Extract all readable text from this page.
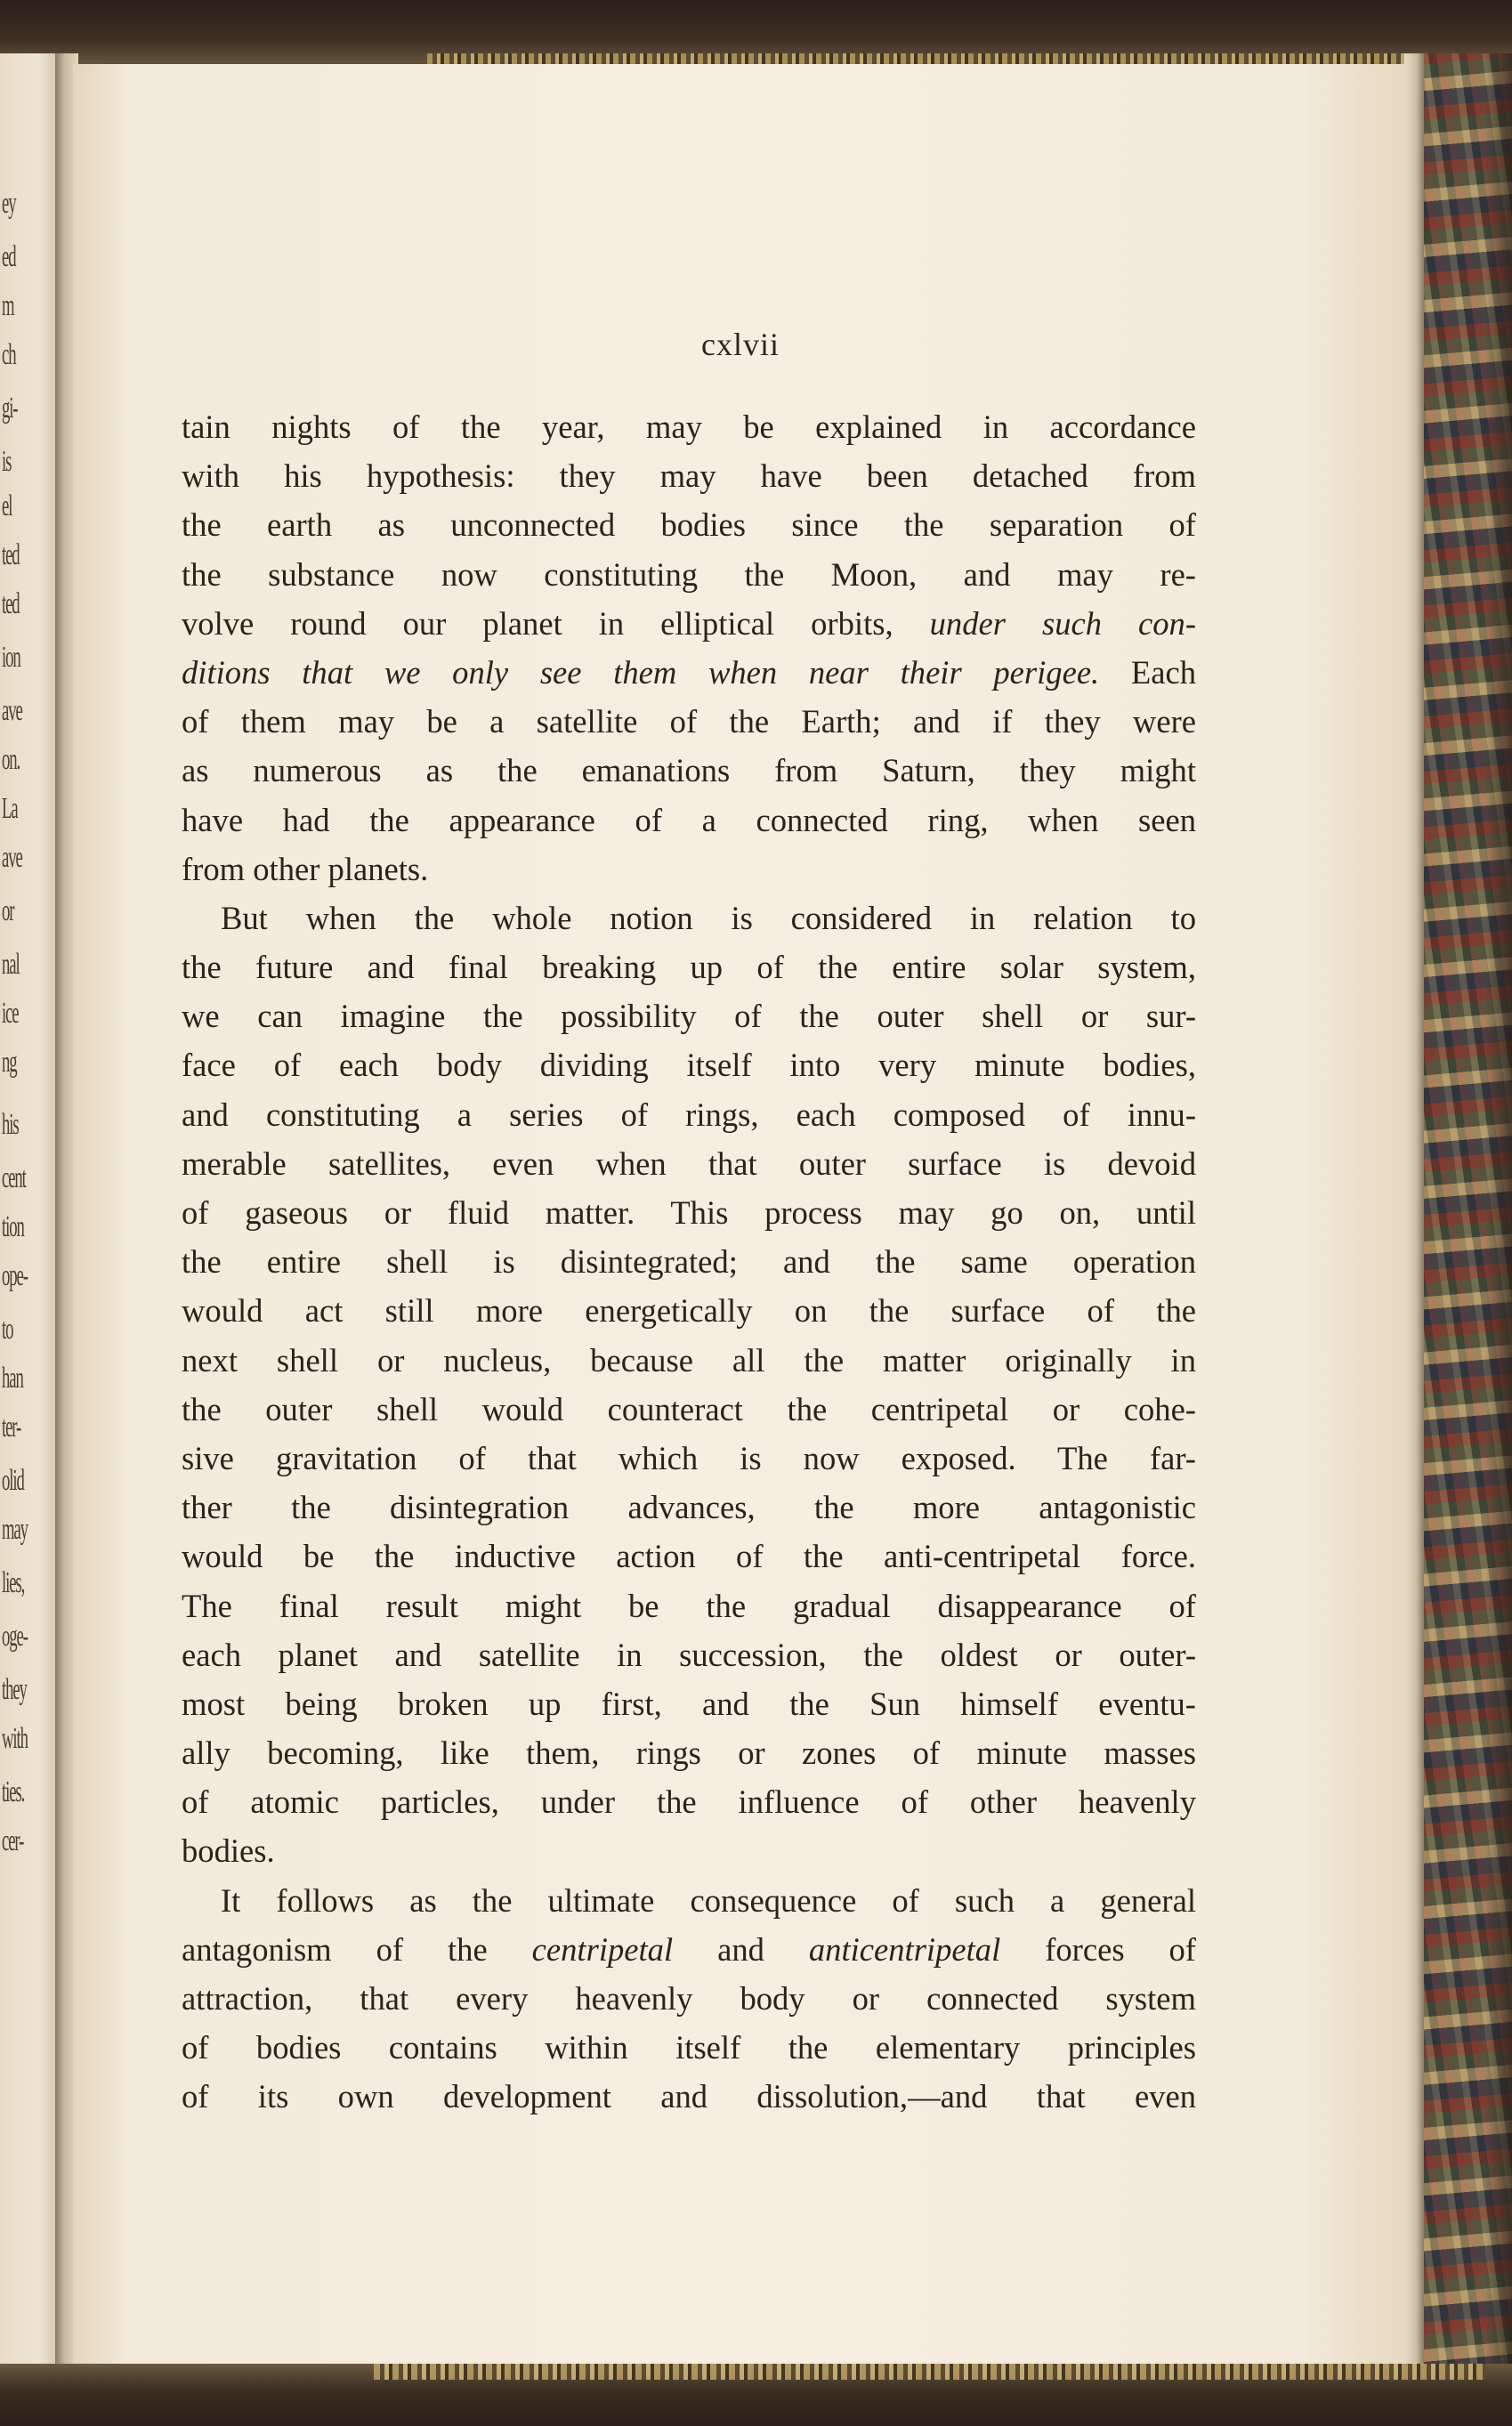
ey
ed
m
ch
gi-
is
el
ted
ted
ion
ave
on.
La
ave
or
nal
ice
ng
his
cent
tion
ope-
to
han
ter-
olid
may
lies,
oge-
they
with
ties.
cer-
cxlvii
tain nights of the year, may be explained in accordance
with his hypothesis: they may have been detached from
the earth as unconnected bodies since the separation of
the substance now constituting the Moon, and may re-
volve round our planet in elliptical orbits, under such con-
ditions that we only see them when near their perigee. Each
of them may be a satellite of the Earth; and if they were
as numerous as the emanations from Saturn, they might
have had the appearance of a connected ring, when seen
from other planets.
But when the whole notion is considered in relation to
the future and final breaking up of the entire solar system,
we can imagine the possibility of the outer shell or sur-
face of each body dividing itself into very minute bodies,
and constituting a series of rings, each composed of innu-
merable satellites, even when that outer surface is devoid
of gaseous or fluid matter. This process may go on, until
the entire shell is disintegrated; and the same operation
would act still more energetically on the surface of the
next shell or nucleus, because all the matter originally in
the outer shell would counteract the centripetal or cohe-
sive gravitation of that which is now exposed. The far-
ther the disintegration advances, the more antagonistic
would be the inductive action of the anti-centripetal force.
The final result might be the gradual disappearance of
each planet and satellite in succession, the oldest or outer-
most being broken up first, and the Sun himself eventu-
ally becoming, like them, rings or zones of minute masses
of atomic particles, under the influence of other heavenly
bodies.
It follows as the ultimate consequence of such a general
antagonism of the centripetal and anticentripetal forces of
attraction, that every heavenly body or connected system
of bodies contains within itself the elementary principles
of its own development and dissolution,—and that even
